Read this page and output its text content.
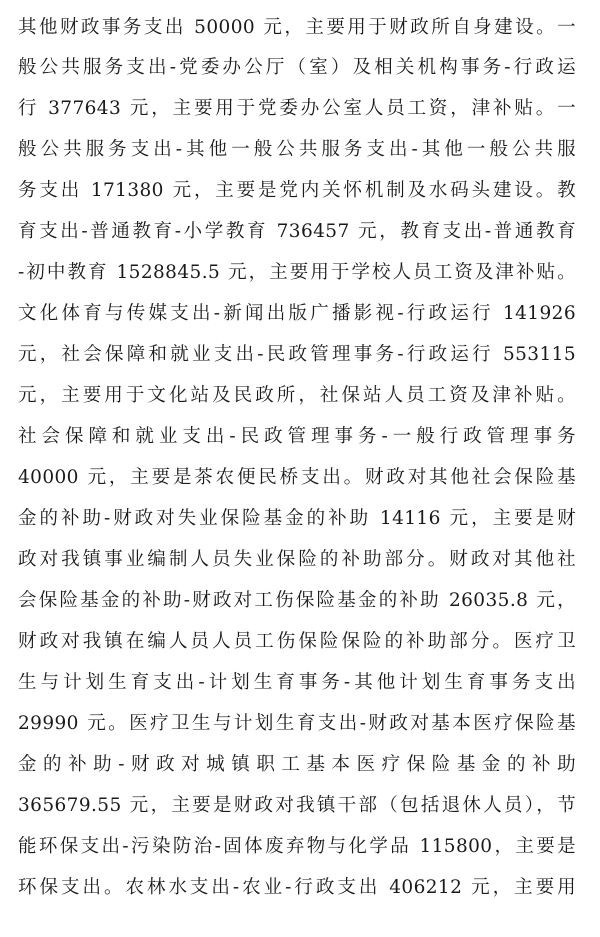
其他财政事务支出 50000 元，主要用于财政所自身建设。一
般公共服务支出-党委办公厅（室）及相关机构事务-行政运
行 377643 元，主要用于党委办公室人员工资，津补贴。一
般公共服务支出-其他一般公共服务支出-其他一般公共服
务支出 171380 元，主要是党内关怀机制及水码头建设。教
育支出-普通教育-小学教育 736457 元，教育支出-普通教育
-初中教育 1528845.5 元，主要用于学校人员工资及津补贴。
文化体育与传媒支出-新闻出版广播影视-行政运行 141926
元，社会保障和就业支出-民政管理事务-行政运行 553115
元，主要用于文化站及民政所，社保站人员工资及津补贴。
社会保障和就业支出-民政管理事务-一般行政管理事务
40000 元，主要是茶农便民桥支出。财政对其他社会保险基
金的补助-财政对失业保险基金的补助 14116 元，主要是财
政对我镇事业编制人员失业保险的补助部分。财政对其他社
会保险基金的补助-财政对工伤保险基金的补助 26035.8 元，
财政对我镇在编人员人员工伤保险保险的补助部分。医疗卫
生与计划生育支出-计划生育事务-其他计划生育事务支出
29990 元。医疗卫生与计划生育支出-财政对基本医疗保险基
金的补助-财政对城镇职工基本医疗保险基金的补助
365679.55 元，主要是财政对我镇干部（包括退休人员），节
能环保支出-污染防治-固体废弃物与化学品 115800，主要是
环保支出。农林水支出-农业-行政支出 406212 元，主要用
